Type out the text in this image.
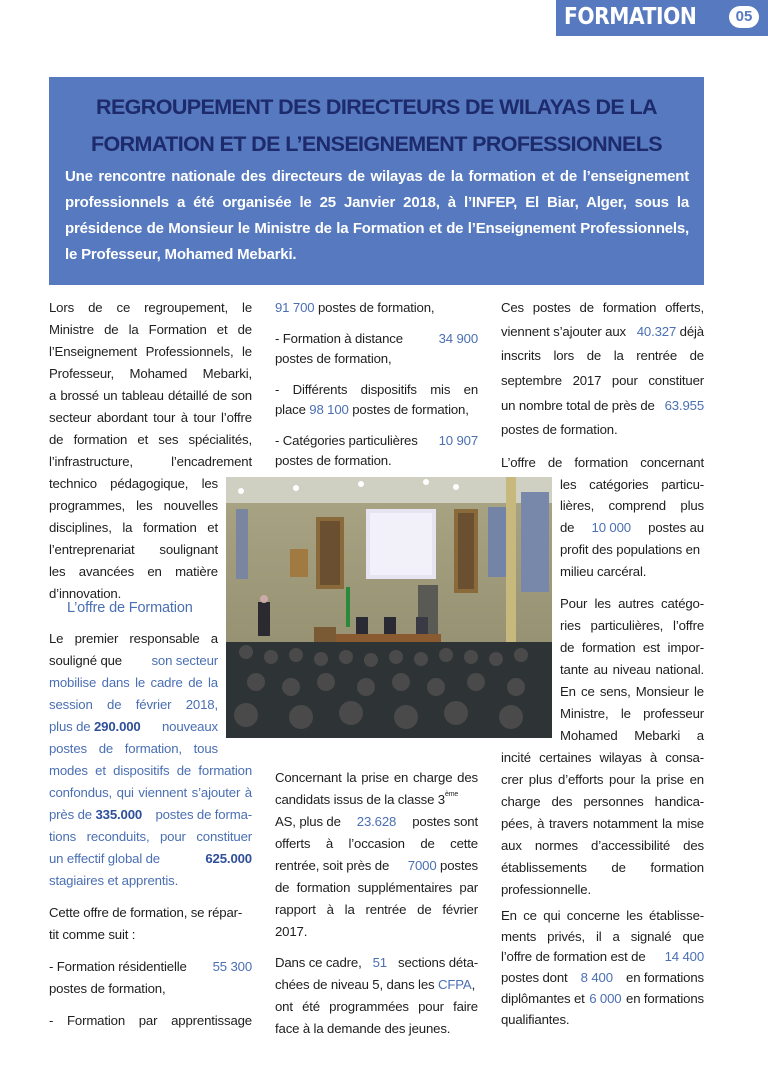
FORMATION	05
REGROUPEMENT DES DIRECTEURS DE WILAYAS DE LA
FORMATION ET DE L’ENSEIGNEMENT PROFESSIONNELS
Une rencontre nationale des directeurs de wilayas de la formation et de l’enseignement professionnels a été organisée le 25 Janvier 2018, à l’INFEP, El Biar, Alger, sous la présidence de Monsieur le Ministre de la Formation et de l’Enseignement Professionnels, le Professeur, Mohamed Mebarki.
Lors de ce regroupement, le
Ministre de la Formation et de
l’Enseignement Professionnels, le
Professeur, Mohamed Mebarki,
a brossé un tableau détaillé de son
secteur abordant tour à tour l’offre
de formation et ses spécialités,
l’infrastructure, l’encadrement
technico pédagogique, les
programmes, les nouvelles
disciplines, la formation et
l’entreprenariat soulignant
les avancées en matière
d’innovation.
L’offre de Formation
Le premier responsable a
souligné que son secteur
mobilise dans le cadre de la
session de février 2018,
plus de 290.000 nouveaux
postes de formation, tous
modes et dispositifs de formation
confondus, qui viennent s’ajouter à
près de 335.000 postes de forma-
tions reconduits, pour constituer
un effectif global de	625.000
stagiaires et apprentis.
Cette offre de formation, se répar-
tit comme suit :
- Formation résidentielle 55 300
postes de formation,
- Formation par apprentissage
91 700 postes de formation,
- Formation à distance	34 900
postes de formation,
- Différents dispositifs mis en
place 98 100 postes de formation,
- Catégories particulières 10 907
postes de formation.
Concernant la prise en charge des
candidats issus de la classe 3ème
AS, plus de 23.628 postes sont
offerts à l’occasion de cette
rentrée, soit près de 7000 postes
de formation supplémentaires par
rapport à la rentrée de février
2017.
Dans ce cadre, 51 sections déta-
chées de niveau 5, dans les CFPA,
ont été programmées pour faire
face à la demande des jeunes.
Ces postes de formation offerts,
viennent s’ajouter aux 40.327 déjà
inscrits lors de la rentrée de
septembre 2017 pour constituer
un nombre total de près de 63.955
postes de formation.
L’offre de formation concernant
les catégories particu-
lières, comprend plus
de 10 000 postes au
profit des populations en
milieu carcéral.
Pour les autres catégo-
ries particulières, l’offre
de formation est impor-
tante au niveau national.
En ce sens, Monsieur le
Ministre, le professeur
Mohamed Mebarki a
incité certaines wilayas à consa-
crer plus d’efforts pour la prise en
charge des personnes handica-
pées, à travers notamment la mise
aux normes d’accessibilité des
établissements de formation
professionnelle.
En ce qui concerne les établisse-
ments privés, il a signalé que
l’offre de formation est de 14 400
postes dont 8 400 en formations
diplômantes et 6 000 en formations
qualifiantes.
